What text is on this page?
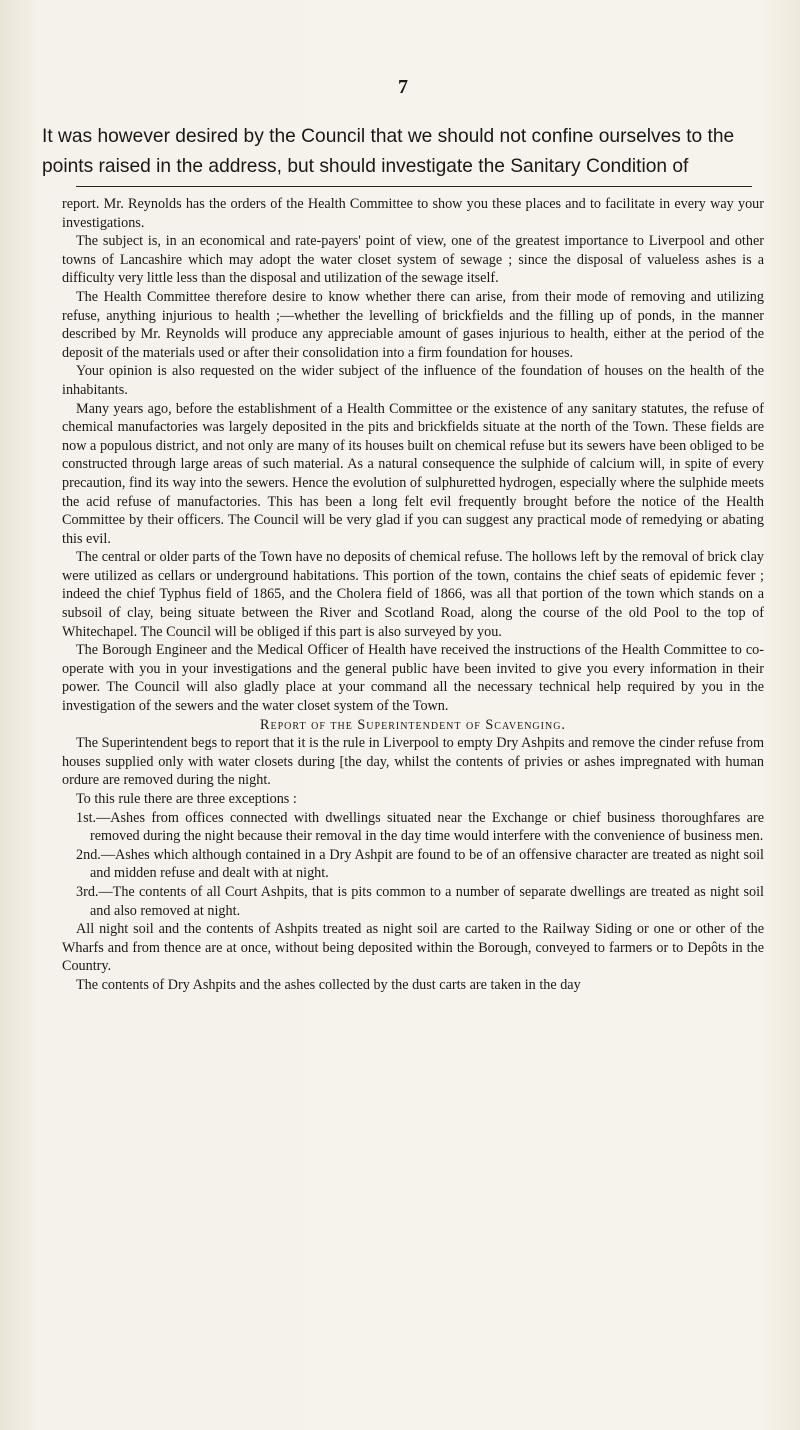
7

It was however desired by the Council that we should not confine ourselves to the points raised in the address, but should investigate the Sanitary Condition of

report. Mr. Reynolds has the orders of the Health Committee to show you these places and to facilitate in every way your investigations.

The subject is, in an economical and rate-payers' point of view, one of the greatest importance to Liverpool and other towns of Lancashire which may adopt the water closet system of sewage ; since the disposal of valueless ashes is a difficulty very little less than the disposal and utilization of the sewage itself.

The Health Committee therefore desire to know whether there can arise, from their mode of removing and utilizing refuse, anything injurious to health ;—whether the levelling of brickfields and the filling up of ponds, in the manner described by Mr. Reynolds will produce any appreciable amount of gases injurious to health, either at the period of the deposit of the materials used or after their consolidation into a firm foundation for houses.

Your opinion is also requested on the wider subject of the influence of the foundation of houses on the health of the inhabitants.

Many years ago, before the establishment of a Health Committee or the existence of any sanitary statutes, the refuse of chemical manufactories was largely deposited in the pits and brickfields situate at the north of the Town. These fields are now a populous district, and not only are many of its houses built on chemical refuse but its sewers have been obliged to be constructed through large areas of such material. As a natural consequence the sulphide of calcium will, in spite of every precaution, find its way into the sewers. Hence the evolution of sulphuretted hydrogen, especially where the sulphide meets the acid refuse of manufactories. This has been a long felt evil frequently brought before the notice of the Health Committee by their officers. The Council will be very glad if you can suggest any practical mode of remedying or abating this evil.

The central or older parts of the Town have no deposits of chemical refuse. The hollows left by the removal of brick clay were utilized as cellars or underground habitations. This portion of the town, contains the chief seats of epidemic fever ; indeed the chief Typhus field of 1865, and the Cholera field of 1866, was all that portion of the town which stands on a subsoil of clay, being situate between the River and Scotland Road, along the course of the old Pool to the top of Whitechapel. The Council will be obliged if this part is also surveyed by you.

The Borough Engineer and the Medical Officer of Health have received the instructions of the Health Committee to co-operate with you in your investigations and the general public have been invited to give you every information in their power. The Council will also gladly place at your command all the necessary technical help required by you in the investigation of the sewers and the water closet system of the Town.

Report of the Superintendent of Scavenging.

The Superintendent begs to report that it is the rule in Liverpool to empty Dry Ashpits and remove the cinder refuse from houses supplied only with water closets during [the day, whilst the contents of privies or ashes impregnated with human ordure are removed during the night.

To this rule there are three exceptions :

1st.—Ashes from offices connected with dwellings situated near the Exchange or chief business thoroughfares are removed during the night because their removal in the day time would interfere with the convenience of business men.

2nd.—Ashes which although contained in a Dry Ashpit are found to be of an offensive character are treated as night soil and midden refuse and dealt with at night.

3rd.—The contents of all Court Ashpits, that is pits common to a number of separate dwellings are treated as night soil and also removed at night.

All night soil and the contents of Ashpits treated as night soil are carted to the Railway Siding or one or other of the Wharfs and from thence are at once, without being deposited within the Borough, conveyed to farmers or to Depôts in the Country.

The contents of Dry Ashpits and the ashes collected by the dust carts are taken in the day
